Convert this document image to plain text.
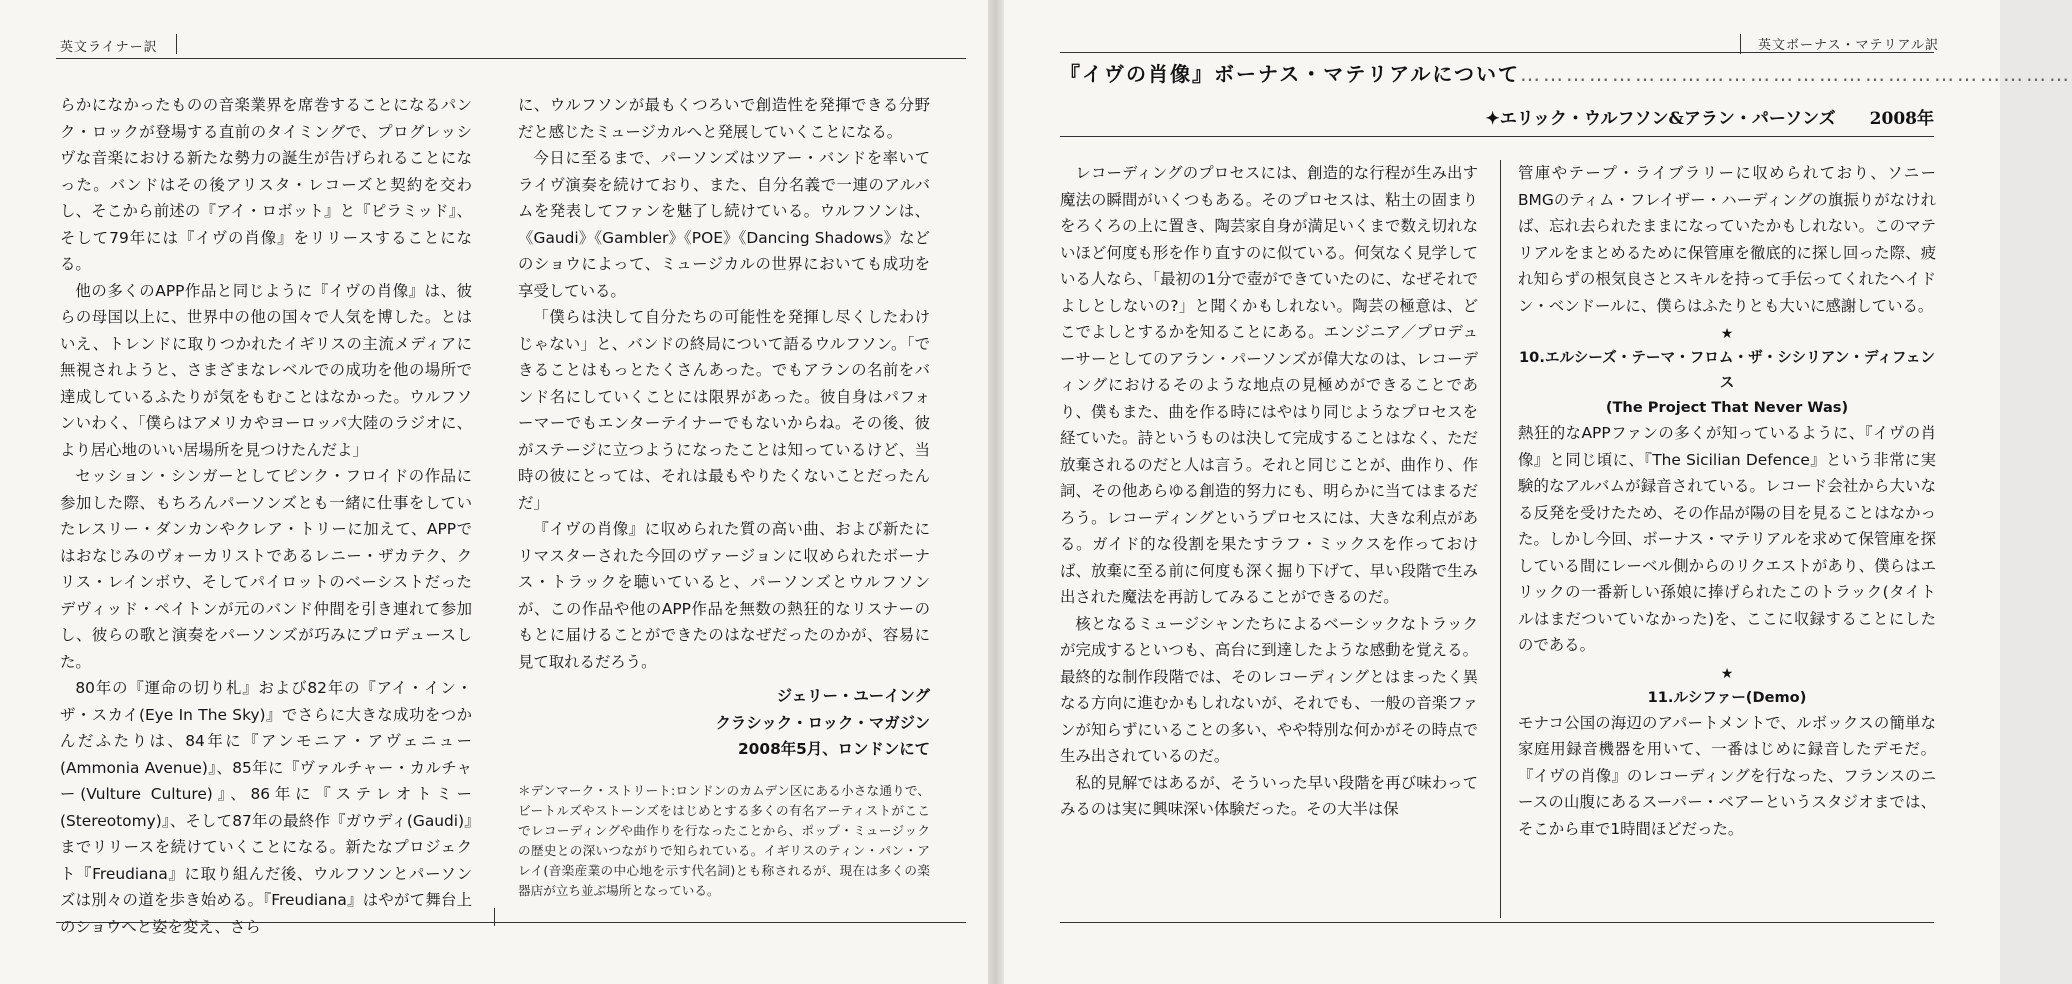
英文ライナー訳

らかになかったものの音楽業界を席巻することになるパンク・ロックが登場する直前のタイミングで、プログレッシヴな音楽における新たな勢力の誕生が告げられることになった。バンドはその後アリスタ・レコーズと契約を交わし、そこから前述の『アイ・ロボット』と『ピラミッド』、そして79年には『イヴの肖像』をリリースすることになる。

他の多くのAPP作品と同じように『イヴの肖像』は、彼らの母国以上に、世界中の他の国々で人気を博した。とはいえ、トレンドに取りつかれたイギリスの主流メディアに無視されようと、さまざまなレベルでの成功を他の場所で達成しているふたりが気をもむことはなかった。ウルフソンいわく、「僕らはアメリカやヨーロッパ大陸のラジオに、より居心地のいい居場所を見つけたんだよ」

セッション・シンガーとしてピンク・フロイドの作品に参加した際、もちろんパーソンズとも一緒に仕事をしていたレスリー・ダンカンやクレア・トリーに加えて、APPではおなじみのヴォーカリストであるレニー・ザカテク、クリス・レインボウ、そしてパイロットのベーシストだったデヴィッド・ペイトンが元のバンド仲間を引き連れて参加し、彼らの歌と演奏をパーソンズが巧みにプロデュースした。

80年の『運命の切り札』および82年の『アイ・イン・ザ・スカイ(Eye In The Sky)』でさらに大きな成功をつかんだふたりは、84年に『アンモニア・アヴェニュー(Ammonia Avenue)』、85年に『ヴァルチャー・カルチャー(Vulture Culture)』、86年に『ステレオトミー(Stereotomy)』、そして87年の最終作『ガウディ(Gaudi)』までリリースを続けていくことになる。新たなプロジェクト『Freudiana』に取り組んだ後、ウルフソンとパーソンズは別々の道を歩き始める。『Freudiana』はやがて舞台上のショウへと姿を変え、さら

に、ウルフソンが最もくつろいで創造性を発揮できる分野だと感じたミュージカルへと発展していくことになる。

今日に至るまで、パーソンズはツアー・バンドを率いてライヴ演奏を続けており、また、自分名義で一連のアルバムを発表してファンを魅了し続けている。ウルフソンは、《Gaudi》《Gambler》《POE》《Dancing Shadows》などのショウによって、ミュージカルの世界においても成功を享受している。

「僕らは決して自分たちの可能性を発揮し尽くしたわけじゃない」と、バンドの終局について語るウルフソン。「できることはもっとたくさんあった。でもアランの名前をバンド名にしていくことには限界があった。彼自身はパフォーマーでもエンターテイナーでもないからね。その後、彼がステージに立つようになったことは知っているけど、当時の彼にとっては、それは最もやりたくないことだったんだ」

『イヴの肖像』に収められた質の高い曲、および新たにリマスターされた今回のヴァージョンに収められたボーナス・トラックを聴いていると、パーソンズとウルフソンが、この作品や他のAPP作品を無数の熱狂的なリスナーのもとに届けることができたのはなぜだったのかが、容易に見て取れるだろう。

ジェリー・ユーイング
クラシック・ロック・マガジン
2008年5月、ロンドンにて
＊デンマーク・ストリート:ロンドンのカムデン区にある小さな通りで、ビートルズやストーンズをはじめとする多くの有名アーティストがここでレコーディングや曲作りを行なったことから、ポップ・ミュージックの歴史との深いつながりで知られている。イギリスのティン・パン・アレイ(音楽産業の中心地を示す代名詞)とも称されるが、現在は多くの楽器店が立ち並ぶ場所となっている。
英文ボーナス・マテリアル訳
『イヴの肖像』ボーナス・マテリアルについて………………………………………………………………
✦エリック・ウルフソン&アラン・パーソンズ 2008年

レコーディングのプロセスには、創造的な行程が生み出す魔法の瞬間がいくつもある。そのプロセスは、粘土の固まりをろくろの上に置き、陶芸家自身が満足いくまで数え切れないほど何度も形を作り直すのに似ている。何気なく見学している人なら、「最初の1分で壺ができていたのに、なぜそれでよしとしないの?」と聞くかもしれない。陶芸の極意は、どこでよしとするかを知ることにある。エンジニア／プロデューサーとしてのアラン・パーソンズが偉大なのは、レコーディングにおけるそのような地点の見極めができることであり、僕もまた、曲を作る時にはやはり同じようなプロセスを経ていた。詩というものは決して完成することはなく、ただ放棄されるのだと人は言う。それと同じことが、曲作り、作詞、その他あらゆる創造的努力にも、明らかに当てはまるだろう。レコーディングというプロセスには、大きな利点がある。ガイド的な役割を果たすラフ・ミックスを作っておけば、放棄に至る前に何度も深く掘り下げて、早い段階で生み出された魔法を再訪してみることができるのだ。

核となるミュージシャンたちによるベーシックなトラックが完成するといつも、高台に到達したような感動を覚える。最終的な制作段階では、そのレコーディングとはまったく異なる方向に進むかもしれないが、それでも、一般の音楽ファンが知らずにいることの多い、やや特別な何かがその時点で生み出されているのだ。

私的見解ではあるが、そういった早い段階を再び味わってみるのは実に興味深い体験だった。その大半は保

管庫やテープ・ライブラリーに収められており、ソニーBMGのティム・フレイザー・ハーディングの旗振りがなければ、忘れ去られたままになっていたかもしれない。このマテリアルをまとめるために保管庫を徹底的に探し回った際、疲れ知らずの根気良さとスキルを持って手伝ってくれたヘイドン・ベンドールに、僕らはふたりとも大いに感謝している。

★
10.エルシーズ・テーマ・フロム・ザ・シシリアン・ディフェンス
(The Project That Never Was)

熱狂的なAPPファンの多くが知っているように、『イヴの肖像』と同じ頃に、『The Sicilian Defence』という非常に実験的なアルバムが録音されている。レコード会社から大いなる反発を受けたため、その作品が陽の目を見ることはなかった。しかし今回、ボーナス・マテリアルを求めて保管庫を探している間にレーベル側からのリクエストがあり、僕らはエリックの一番新しい孫娘に捧げられたこのトラック(タイトルはまだついていなかった)を、ここに収録することにしたのである。

★
11.ルシファー(Demo)

モナコ公国の海辺のアパートメントで、ルボックスの簡単な家庭用録音機器を用いて、一番はじめに録音したデモだ。『イヴの肖像』のレコーディングを行なった、フランスのニースの山腹にあるスーパー・ベアーというスタジオまでは、そこから車で1時間ほどだった。
